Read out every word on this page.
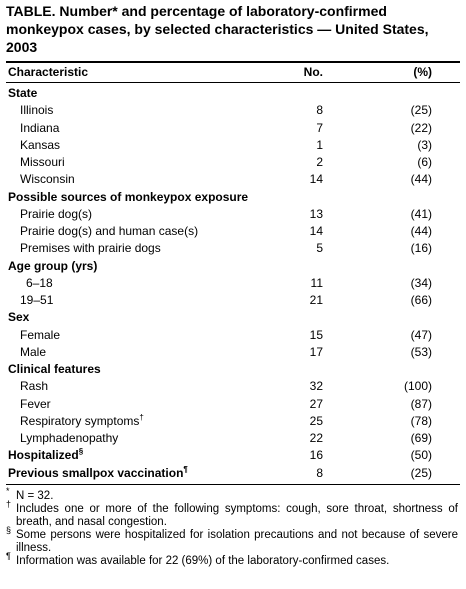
TABLE. Number* and percentage of laboratory-confirmed monkeypox cases, by selected characteristics — United States, 2003
Characteristic	No.	(%)
State
Illinois	8	(25)
Indiana	7	(22)
Kansas	1	(3)
Missouri	2	(6)
Wisconsin	14	(44)
Possible sources of monkeypox exposure
Prairie dog(s)	13	(41)
Prairie dog(s) and human case(s)	14	(44)
Premises with prairie dogs	5	(16)
Age group (yrs)
6–18	11	(34)
19–51	21	(66)
Sex
Female	15	(47)
Male	17	(53)
Clinical features
Rash	32	(100)
Fever	27	(87)
Respiratory symptoms†	25	(78)
Lymphadenopathy	22	(69)
Hospitalized§	16	(50)
Previous smallpox vaccination¶	8	(25)
* N = 32.
† Includes one or more of the following symptoms: cough, sore throat, shortness of breath, and nasal congestion.
§ Some persons were hospitalized for isolation precautions and not because of severe illness.
¶ Information was available for 22 (69%) of the laboratory-confirmed cases.
